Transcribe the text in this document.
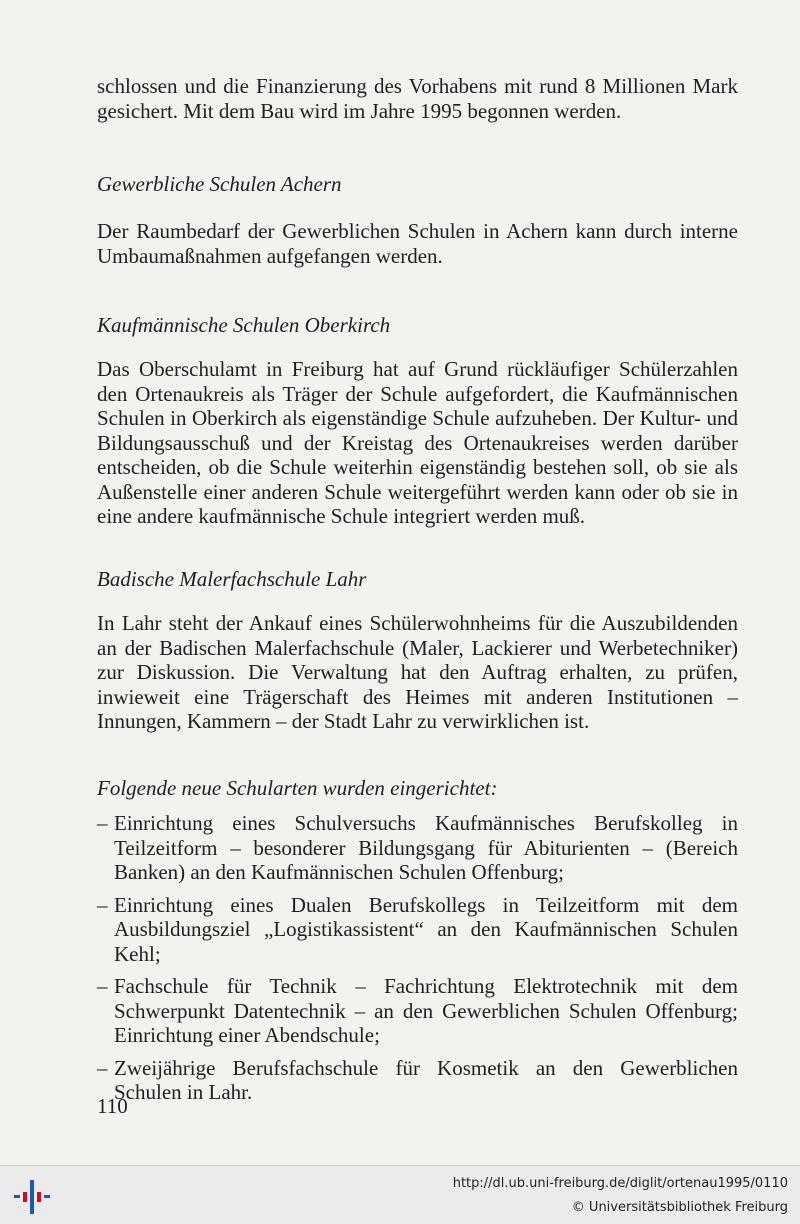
schlossen und die Finanzierung des Vorhabens mit rund 8 Millionen Mark gesichert. Mit dem Bau wird im Jahre 1995 begonnen werden.

Gewerbliche Schulen Achern

Der Raumbedarf der Gewerblichen Schulen in Achern kann durch interne Umbaumaßnahmen aufgefangen werden.

Kaufmännische Schulen Oberkirch

Das Oberschulamt in Freiburg hat auf Grund rückläufiger Schülerzahlen den Ortenaukreis als Träger der Schule aufgefordert, die Kaufmännischen Schulen in Oberkirch als eigenständige Schule aufzuheben. Der Kultur- und Bildungsausschuß und der Kreistag des Ortenaukreises werden darüber entscheiden, ob die Schule weiterhin eigenständig bestehen soll, ob sie als Außenstelle einer anderen Schule weitergeführt werden kann oder ob sie in eine andere kaufmännische Schule integriert werden muß.

Badische Malerfachschule Lahr

In Lahr steht der Ankauf eines Schülerwohnheims für die Auszubildenden an der Badischen Malerfachschule (Maler, Lackierer und Werbetechniker) zur Diskussion. Die Verwaltung hat den Auftrag erhalten, zu prüfen, inwieweit eine Trägerschaft des Heimes mit anderen Institutionen – Innungen, Kammern – der Stadt Lahr zu verwirklichen ist.

Folgende neue Schularten wurden eingerichtet:
– Einrichtung eines Schulversuchs Kaufmännisches Berufskolleg in Teilzeitform – besonderer Bildungsgang für Abiturienten – (Bereich Banken) an den Kaufmännischen Schulen Offenburg;
– Einrichtung eines Dualen Berufskollegs in Teilzeitform mit dem Ausbildungsziel „Logistikassistent“ an den Kaufmännischen Schulen Kehl;
– Fachschule für Technik – Fachrichtung Elektrotechnik mit dem Schwerpunkt Datentechnik – an den Gewerblichen Schulen Offenburg; Einrichtung einer Abendschule;
– Zweijährige Berufsfachschule für Kosmetik an den Gewerblichen Schulen in Lahr.
110
http://dl.ub.uni-freiburg.de/diglit/ortenau1995/0110
© Universitätsbibliothek Freiburg
